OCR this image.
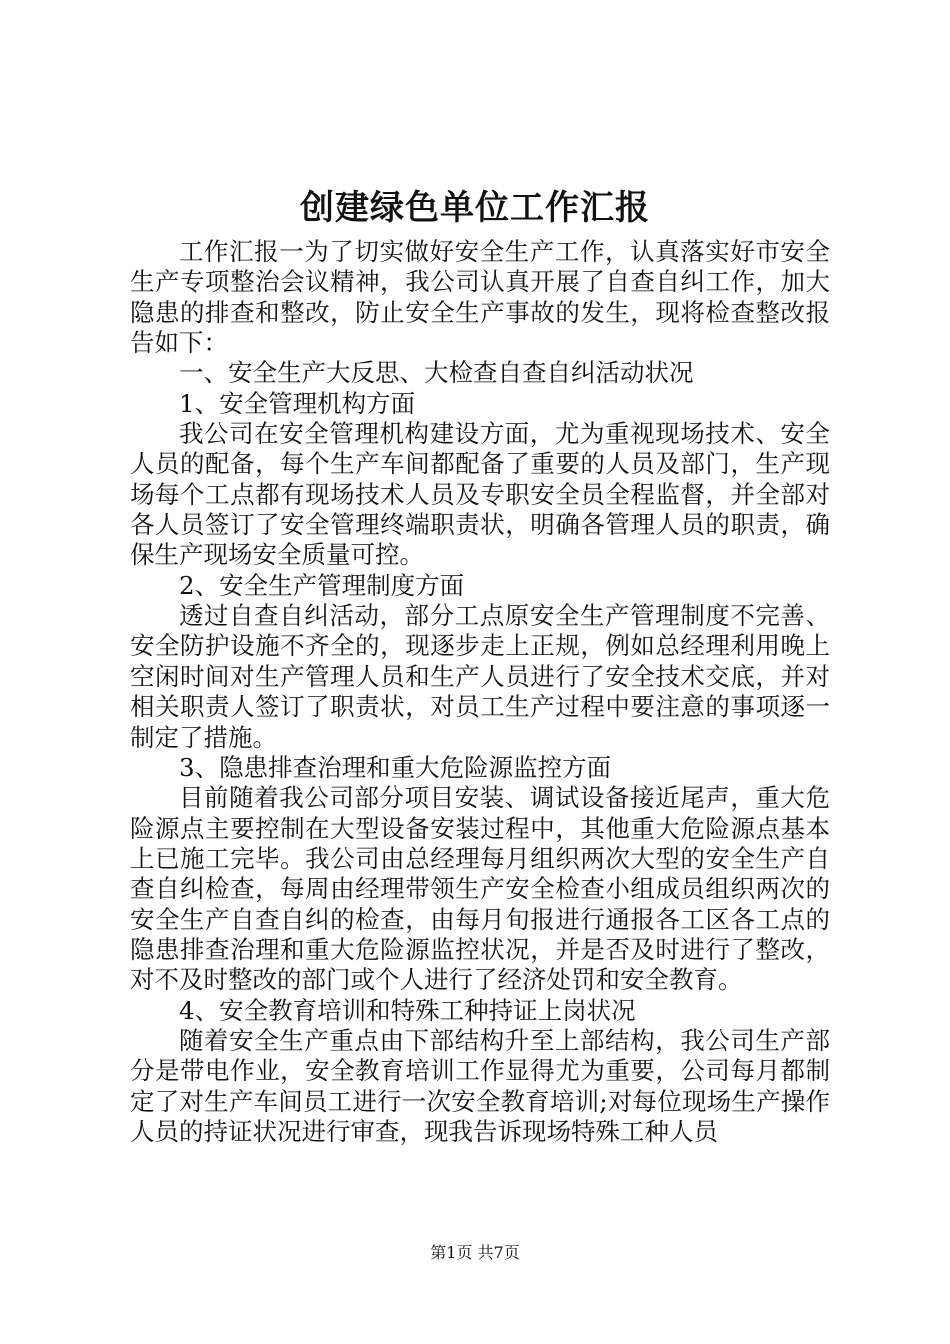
创建绿色单位工作汇报

工作汇报一为了切实做好安全生产工作，认真落实好市安全生产专项整治会议精神，我公司认真开展了自查自纠工作，加大隐患的排查和整改，防止安全生产事故的发生，现将检查整改报告如下：

一、安全生产大反思、大检查自查自纠活动状况

1、安全管理机构方面

我公司在安全管理机构建设方面，尤为重视现场技术、安全人员的配备，每个生产车间都配备了重要的人员及部门，生产现场每个工点都有现场技术人员及专职安全员全程监督，并全部对各人员签订了安全管理终端职责状，明确各管理人员的职责，确保生产现场安全质量可控。

2、安全生产管理制度方面

透过自查自纠活动，部分工点原安全生产管理制度不完善、安全防护设施不齐全的，现逐步走上正规，例如总经理利用晚上空闲时间对生产管理人员和生产人员进行了安全技术交底，并对相关职责人签订了职责状，对员工生产过程中要注意的事项逐一制定了措施。

3、隐患排查治理和重大危险源监控方面

目前随着我公司部分项目安装、调试设备接近尾声，重大危险源点主要控制在大型设备安装过程中，其他重大危险源点基本上已施工完毕。我公司由总经理每月组织两次大型的安全生产自查自纠检查，每周由经理带领生产安全检查小组成员组织两次的安全生产自查自纠的检查，由每月旬报进行通报各工区各工点的隐患排查治理和重大危险源监控状况，并是否及时进行了整改，对不及时整改的部门或个人进行了经济处罚和安全教育。

4、安全教育培训和特殊工种持证上岗状况

随着安全生产重点由下部结构升至上部结构，我公司生产部分是带电作业，安全教育培训工作显得尤为重要，公司每月都制定了对生产车间员工进行一次安全教育培训;对每位现场生产操作人员的持证状况进行审查，现我告诉现场特殊工种人员

第1页 共7页
